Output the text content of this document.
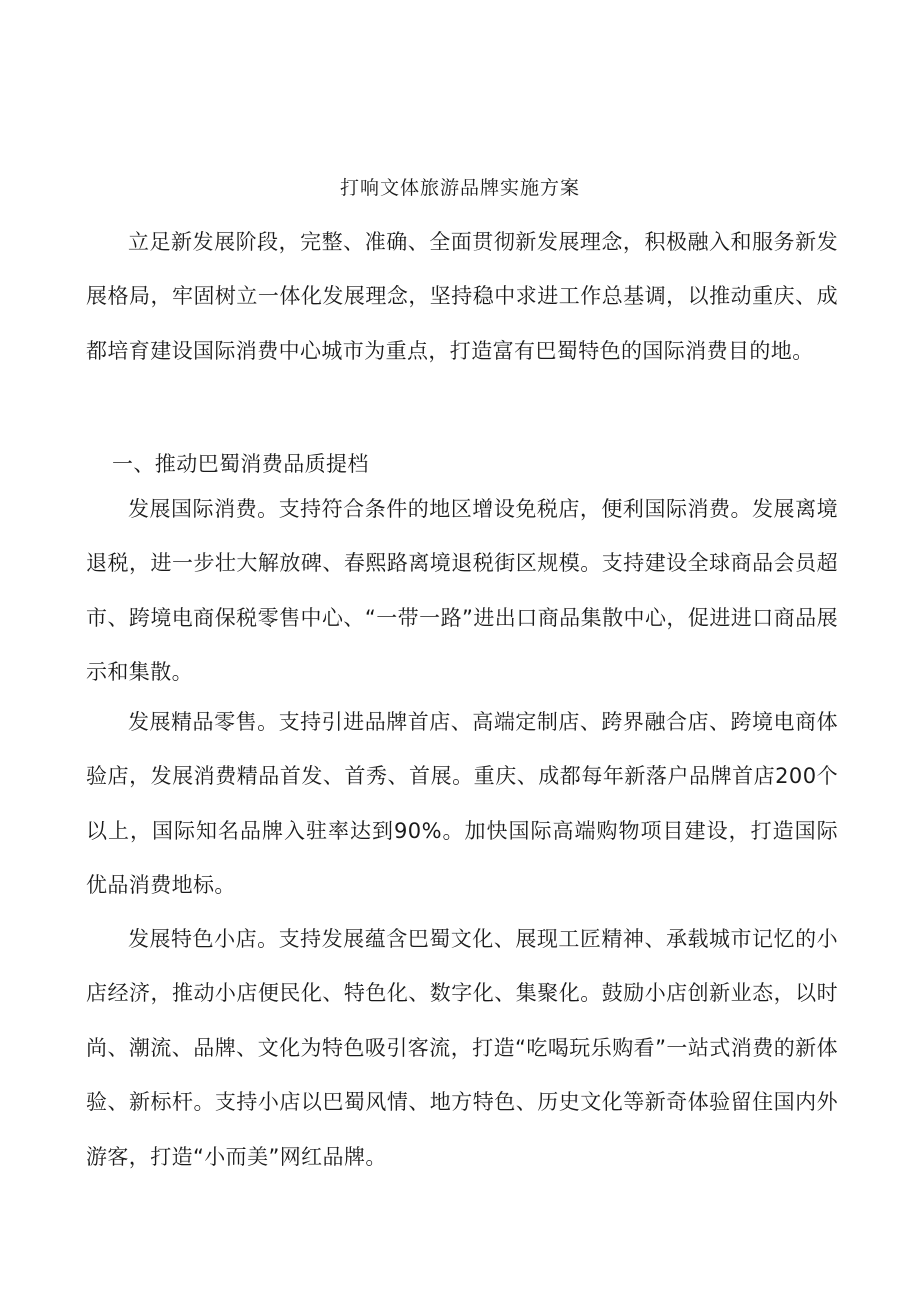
打响文体旅游品牌实施方案

立足新发展阶段，完整、准确、全面贯彻新发展理念，积极融入和服务新发展格局，牢固树立一体化发展理念，坚持稳中求进工作总基调，以推动重庆、成都培育建设国际消费中心城市为重点，打造富有巴蜀特色的国际消费目的地。

一、推动巴蜀消费品质提档

发展国际消费。支持符合条件的地区增设免税店，便利国际消费。发展离境退税，进一步壮大解放碑、春熙路离境退税街区规模。支持建设全球商品会员超市、跨境电商保税零售中心、“一带一路”进出口商品集散中心，促进进口商品展示和集散。

发展精品零售。支持引进品牌首店、高端定制店、跨界融合店、跨境电商体验店，发展消费精品首发、首秀、首展。重庆、成都每年新落户品牌首店200个以上，国际知名品牌入驻率达到90%。加快国际高端购物项目建设，打造国际优品消费地标。

发展特色小店。支持发展蕴含巴蜀文化、展现工匠精神、承载城市记忆的小店经济，推动小店便民化、特色化、数字化、集聚化。鼓励小店创新业态，以时尚、潮流、品牌、文化为特色吸引客流，打造“吃喝玩乐购看”一站式消费的新体验、新标杆。支持小店以巴蜀风情、地方特色、历史文化等新奇体验留住国内外游客，打造“小而美”网红品牌。
